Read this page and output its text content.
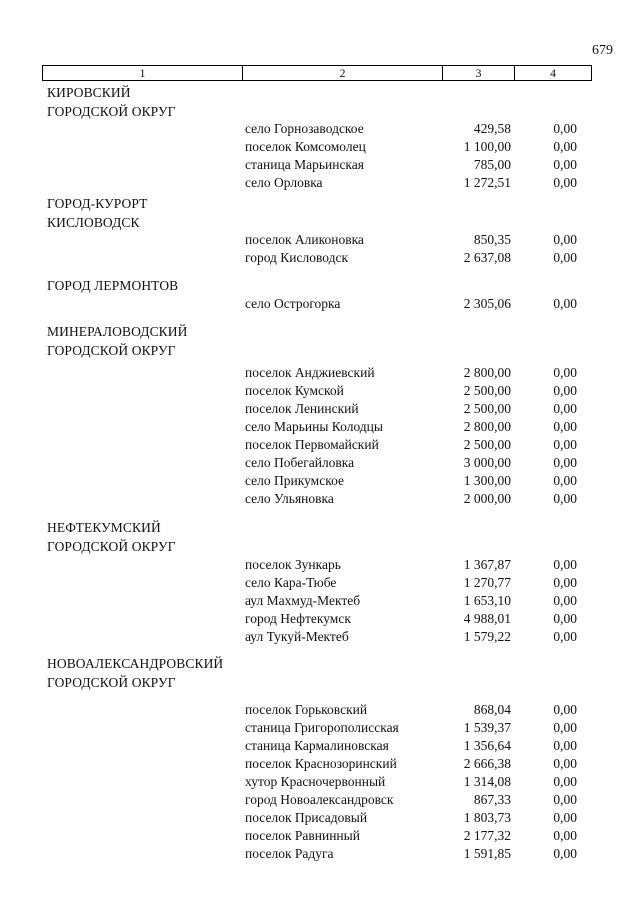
679
1	2	3	4
КИРОВСКИЙ
ГОРОДСКОЙ ОКРУГ
село Горнозаводское	429,58	0,00
поселок Комсомолец	1 100,00	0,00
станица Марьинская	785,00	0,00
село Орловка	1 272,51	0,00
ГОРОД-КУРОРТ
КИСЛОВОДСК
поселок Аликоновка	850,35	0,00
город Кисловодск	2 637,08	0,00
ГОРОД ЛЕРМОНТОВ
село Острогорка	2 305,06	0,00
МИНЕРАЛОВОДСКИЙ
ГОРОДСКОЙ ОКРУГ
поселок Анджиевский	2 800,00	0,00
поселок Кумской	2 500,00	0,00
поселок Ленинский	2 500,00	0,00
село Марьины Колодцы	2 800,00	0,00
поселок Первомайский	2 500,00	0,00
село Побегайловка	3 000,00	0,00
село Прикумское	1 300,00	0,00
село Ульяновка	2 000,00	0,00
НЕФТЕКУМСКИЙ
ГОРОДСКОЙ ОКРУГ
поселок Зункарь	1 367,87	0,00
село Кара-Тюбе	1 270,77	0,00
аул Махмуд-Мектеб	1 653,10	0,00
город Нефтекумск	4 988,01	0,00
аул Тукуй-Мектеб	1 579,22	0,00
НОВОАЛЕКСАНДРОВСКИЙ
ГОРОДСКОЙ ОКРУГ
поселок Горьковский	868,04	0,00
станица Григорополисская	1 539,37	0,00
станица Кармалиновская	1 356,64	0,00
поселок Краснозоринский	2 666,38	0,00
хутор Красночервонный	1 314,08	0,00
город Новоалександровск	867,33	0,00
поселок Присадовый	1 803,73	0,00
поселок Равнинный	2 177,32	0,00
поселок Радуга	1 591,85	0,00
